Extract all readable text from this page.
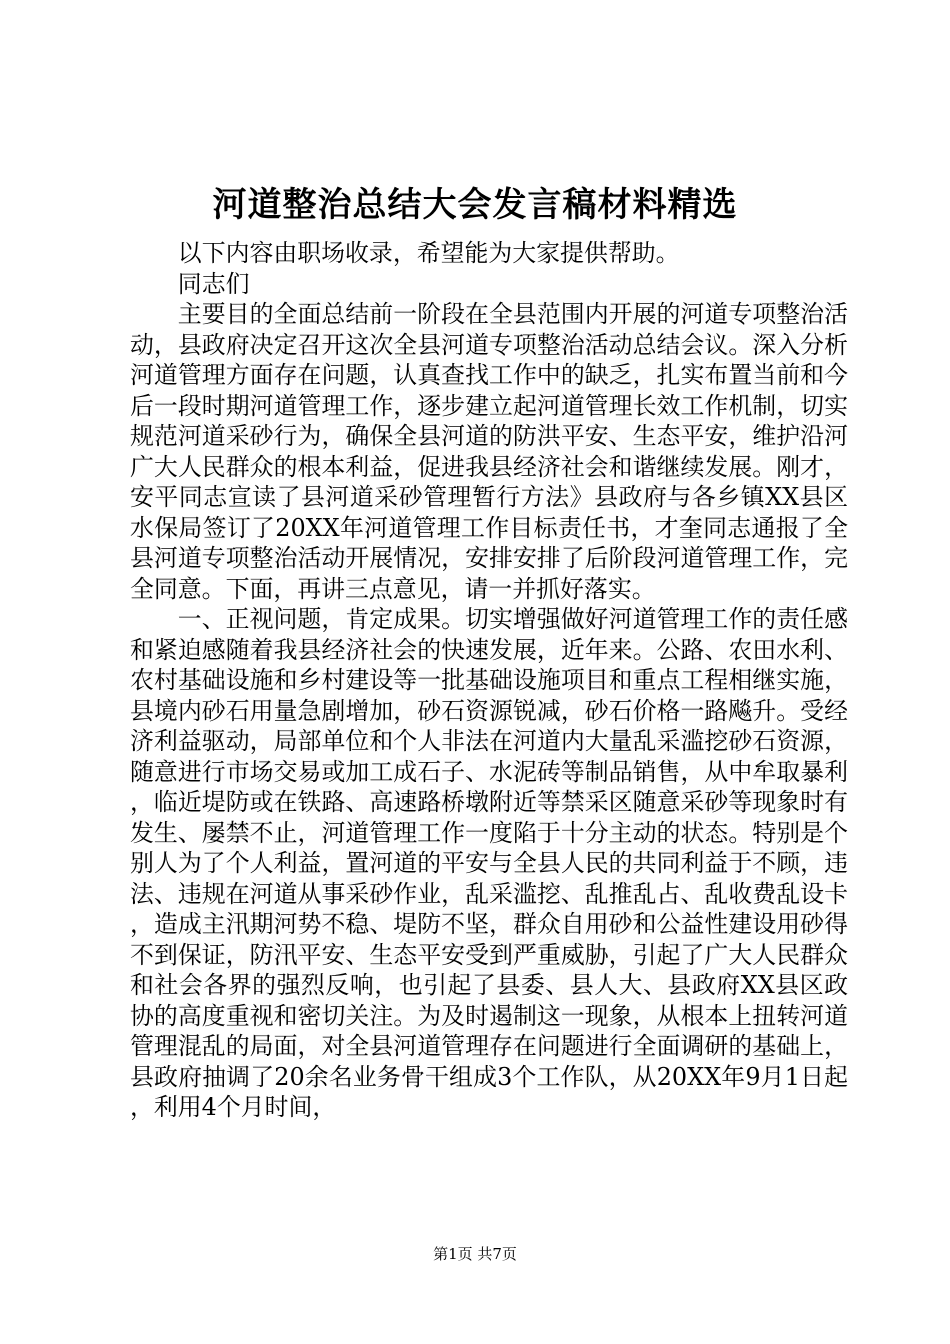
河道整治总结大会发言稿材料精选

以下内容由职场收录，希望能为大家提供帮助。

同志们

主要目的全面总结前一阶段在全县范围内开展的河道专项整治活动，县政府决定召开这次全县河道专项整治活动总结会议。深入分析河道管理方面存在问题，认真查找工作中的缺乏，扎实布置当前和今后一段时期河道管理工作，逐步建立起河道管理长效工作机制，切实规范河道采砂行为，确保全县河道的防洪平安、生态平安，维护沿河广大人民群众的根本利益，促进我县经济社会和谐继续发展。刚才，安平同志宣读了县河道采砂管理暂行方法》县政府与各乡镇XX县区水保局签订了20XX年河道管理工作目标责任书，才奎同志通报了全县河道专项整治活动开展情况，安排安排了后阶段河道管理工作，完全同意。下面，再讲三点意见，请一并抓好落实。

一、正视问题，肯定成果。切实增强做好河道管理工作的责任感和紧迫感随着我县经济社会的快速发展，近年来。公路、农田水利、农村基础设施和乡村建设等一批基础设施项目和重点工程相继实施，县境内砂石用量急剧增加，砂石资源锐减，砂石价格一路飚升。受经济利益驱动，局部单位和个人非法在河道内大量乱采滥挖砂石资源，随意进行市场交易或加工成石子、水泥砖等制品销售，从中牟取暴利，临近堤防或在铁路、高速路桥墩附近等禁采区随意采砂等现象时有发生、屡禁不止，河道管理工作一度陷于十分主动的状态。特别是个别人为了个人利益，置河道的平安与全县人民的共同利益于不顾，违法、违规在河道从事采砂作业，乱采滥挖、乱推乱占、乱收费乱设卡，造成主汛期河势不稳、堤防不坚，群众自用砂和公益性建设用砂得不到保证，防汛平安、生态平安受到严重威胁，引起了广大人民群众和社会各界的强烈反响，也引起了县委、县人大、县政府XX县区政协的高度重视和密切关注。为及时遏制这一现象，从根本上扭转河道管理混乱的局面，对全县河道管理存在问题进行全面调研的基础上，县政府抽调了20余名业务骨干组成3个工作队，从20XX年9月1日起，利用4个月时间，

第1页 共7页
